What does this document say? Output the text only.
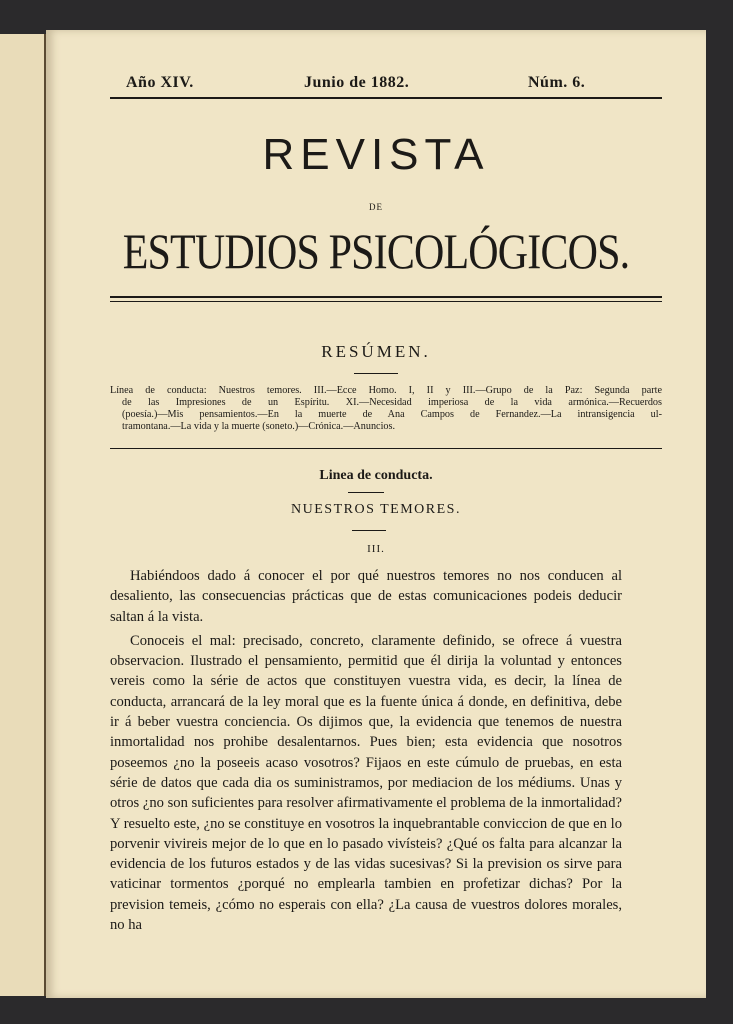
Año XIV.	Junio de 1882.	Núm. 6.
REVISTA
DE
ESTUDIOS PSICOLÓGICOS.
RESÚMEN.
Línea de conducta: Nuestros temores. III.—Ecce Homo. I, II y III.—Grupo de la Paz: Segunda parte
de las Impresiones de un Espíritu. XI.—Necesidad imperiosa de la vida armónica.—Recuerdos
(poesía.)—Mis pensamientos.—En la muerte de Ana Campos de Fernandez.—La intransigencia ul-
tramontana.—La vida y la muerte (soneto.)—Crónica.—Anuncios.
Linea de conducta.
NUESTROS TEMORES.
III.

Habiéndoos dado á conocer el por qué nuestros temores no nos conducen al desaliento, las consecuencias prácticas que de estas comunicaciones podeis deducir saltan á la vista.

Conoceis el mal: precisado, concreto, claramente definido, se ofrece á vuestra observacion. Ilustrado el pensamiento, permitid que él dirija la voluntad y entonces vereis como la série de actos que constituyen vuestra vida, es decir, la línea de conducta, arrancará de la ley moral que es la fuente única á donde, en definitiva, debe ir á beber vuestra conciencia. Os dijimos que, la evidencia que tenemos de nuestra inmortalidad nos prohibe desalentarnos. Pues bien; esta evidencia que nosotros poseemos ¿no la poseeis acaso vosotros? Fijaos en este cúmulo de pruebas, en esta série de datos que cada dia os suministramos, por mediacion de los médiums. Unas y otros ¿no son suficientes para resolver afirmativamente el problema de la inmortalidad? Y resuelto este, ¿no se constituye en vosotros la inquebrantable conviccion de que en lo porvenir vivireis mejor de lo que en lo pasado vivísteis? ¿Qué os falta para alcanzar la evidencia de los futuros estados y de las vidas sucesivas? Si la prevision os sirve para vaticinar tormentos ¿porqué no emplearla tambien en profetizar dichas? Por la prevision temeis, ¿cómo no esperais con ella? ¿La causa de vuestros dolores morales, no ha
